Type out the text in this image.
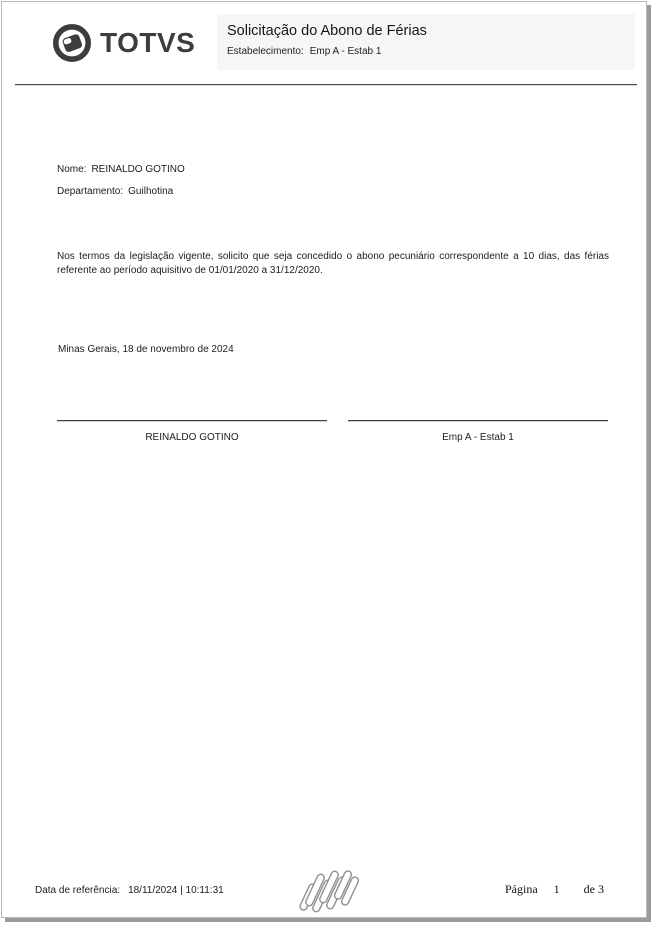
TOTVS Solicitação do Abono de Férias
Estabelecimento: Emp A - Estab 1
Nome: REINALDO GOTINO
Departamento: Guilhotina
Nos termos da legislação vigente, solicito que seja concedido o abono pecuniário correspondente a 10 dias, das férias referente ao período aquisitivo de 01/01/2020 a 31/12/2020.
Minas Gerais, 18 de novembro de 2024
REINALDO GOTINO	Emp A - Estab 1
Data de referência: 18/11/2024 | 10:11:31	Página 1 de 3
